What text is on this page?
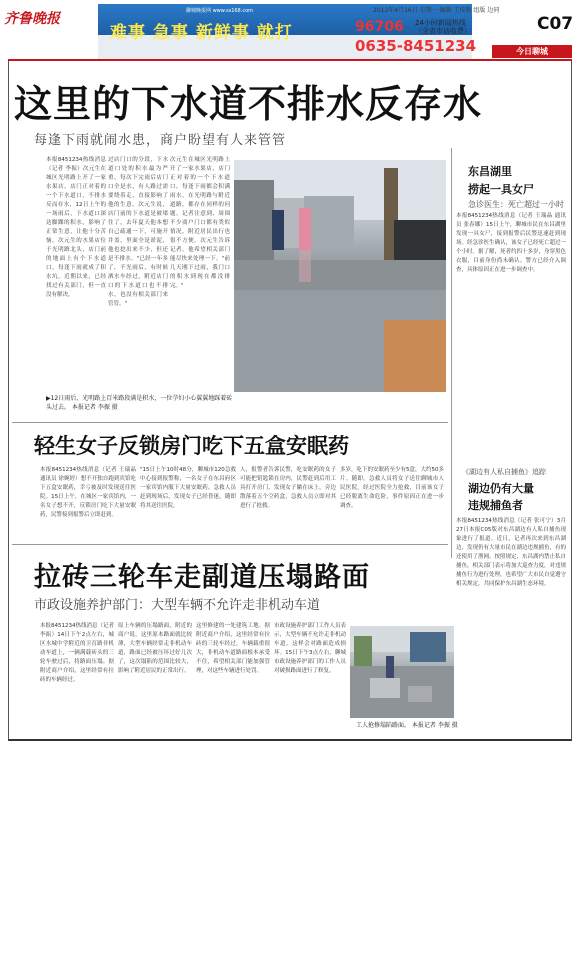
齐鲁晚报	聊城晚报网 www.ss168.com
难事 急事 新鲜事 就打	96706 24小时新闻热线（全省市话收费）
0635-8451234
2012年4月16日 星期一 编辑 王传胜 组版 边同
C07
今日聊城
这里的下水道不排水反存水
每逢下雨就闹水患，商户盼望有人来管管
本报8451234热线消息（记者 李振）次元生在城区光明路上开了一家水果店，店门正对着的一个下水道口，不排水反而存水，12日上午的一场雨后，下水道口深达脚踝的积水，影响了正常生意，让他十分苦恼。次元生的水果店位于光明路北头，店门前的地面上有个下水道口，每逢下雨就成了积水坑，近期以来，已经找过有关部门，但一直没有解决。
过店门口的分段，下水道口处的积水最为严重。每次下完雨后店门口全是水，有人路过需要绕着走，直接影响了他的生意。次元生说，店门前的下水道是被堵住了，去年夏天他本想自己疏通一下，可施开井盖，里面全是淤泥，他也挖出来不少，但还是不排水。"已经一年多了，不光雨后，有时候洒水车经过，附近店门口的下水道口也不排水，也没有相关部门来管管。"
次元生在城区光明路上开了一家水果店，店门正对着的一个下水道口，每逢下雨都会积满雨水。在光明路与附近道路，都存在同样的问题。记者注意到，周围不少商户门口都有类似情况，附近居民出行也很不方便。次元生告诉记者，他希望相关部门能尽快来处理一下。"前几天刚下过雨，我门口的积水到现在都没排完。"
▶12日雨后，光明路上百米路段满是积水，一位孕妇小心翼翼地踩着砖头过去。 本报记者 李振 摄
东昌湖里
捞起一具女尸
急诊医生：死亡超过一小时
本报8451234热线消息（记者 王瑞晶 通讯员 张春娜）15日上午，聊城市民在东昌湖里发现一具女尸，接到报警后民警迅速赶到现场。经急诊医生确认，该女子已经死亡超过一个小时。据了解，死者约四十多岁，身穿黑色衣服，目前身份尚未确认。警方已经介入调查，具体原因正在进一步调查中。
轻生女子反锁房门吃下五盒安眠药
本报8451234热线消息（记者 王瑞晶 通讯员 徐婉婷）想不开独自跑到宾馆吃下五盒安眠药，幸亏被及时发现送往医院。15日上午，在城区一家宾馆内，一名女子想不开，反锁房门吃下大量安眠药，民警接到报警后立即赶到。
"15日上午10时48分，聊城市120急救中心接到报警称，一名女子在东昌府区一家宾馆内服下大量安眠药。急救人员赶到现场后，发现女子已经昏迷，随即将其送往医院。
人，报警者告诉民警，吃安眠药的女子可能把钥匙锁在房内，民警赶到后用工具打开房门，发现女子躺在床上，旁边散落着五个空药盒，急救人员立即对其进行了抢救。
多岁，吃下的安眠药至少有5盒，大约50多片。随即，急救人员将女子送往聊城市人民医院。经过医院全力抢救，目前该女子已经脱离生命危险，事件原因正在进一步调查。
《湖边有人私自捕鱼》追踪
湖边仍有大量
违规捕鱼者
本报8451234热线消息（记者 张可宁）3月27日本报C05版对东昌湖边有人私自捕鱼现象进行了报道。近日，记者再次来到东昌湖边，发现仍有大量市民在湖边违规捕鱼，有的还使用了渔网。按照规定，东昌湖内禁止私自捕鱼，相关部门表示将加大巡查力度，对违规捕鱼行为进行处理，也希望广大市民自觉遵守相关规定，共同保护东昌湖生态环境。
拉砖三轮车走副道压塌路面
市政设施养护部门：大型车辆不允许走非机动车道
本报8451234热线消息（记者 李振）14日下午2点左右，城区水城中学附近的卫育路非机动车道上，一辆满载砖头的三轮车驶过后，将路面压塌。据附近商户介绍，这里经常有拉砖的车辆经过。
原上车辆的压塌路面，附近的商户说，这里原本路面就比较薄，大型车辆经常走非机动车道，路面已经被压坏过好几次了，这次塌陷的范围比较大，影响了附近居民的正常出行。
这里修建的一处建筑工地。据附近商户介绍，这里经常有拉砖的三轮车经过，车辆载重很大，非机动车道路面根本承受不住，希望相关部门能加强管理，对这些车辆进行处罚。
市政设施养护部门工作人员表示，大型车辆不允许走非机动车道，这样会对路面造成损坏。15日下午3点左右，聊城市政设施养护部门的工作人员对破损路面进行了修复。
工人抢修塌陷路面。 本报记者 李振 摄
